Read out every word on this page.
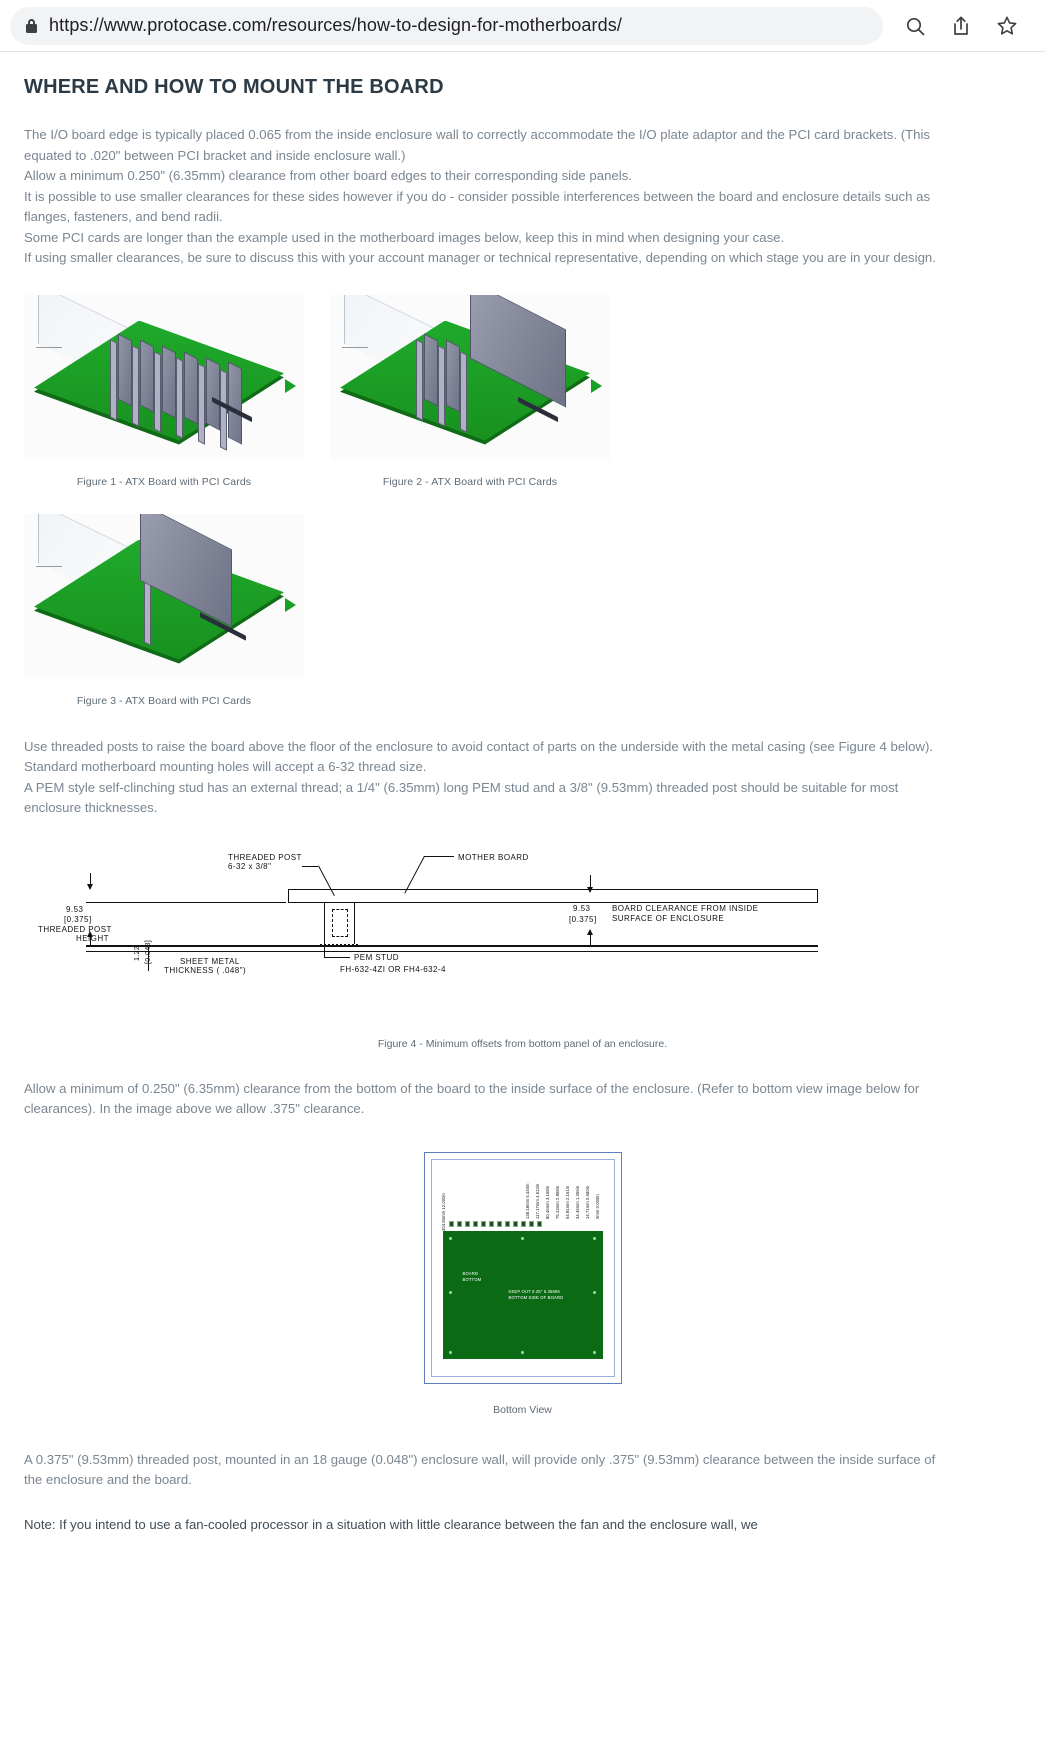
https://www.protocase.com/resources/how-to-design-for-motherboards/
WHERE AND HOW TO MOUNT THE BOARD

The I/O board edge is typically placed 0.065 from the inside enclosure wall to correctly accommodate the I/O plate adaptor and the PCI card brackets. (This equated to .020" between PCI bracket and inside enclosure wall.)

Allow a minimum 0.250" (6.35mm) clearance from other board edges to their corresponding side panels.

It is possible to use smaller clearances for these sides however if you do - consider possible interferences between the board and enclosure details such as flanges, fasteners, and bend radii.

Some PCI cards are longer than the example used in the motherboard images below, keep this in mind when designing your case.

If using smaller clearances, be sure to discuss this with your account manager or technical representative, depending on which stage you are in your design.

Figure 1 - ATX Board with PCI Cards	Figure 2 - ATX Board with PCI Cards
Figure 3 - ATX Board with PCI Cards

Use threaded posts to raise the board above the floor of the enclosure to avoid contact of parts on the underside with the metal casing (see Figure 4 below).

Standard motherboard mounting holes will accept a 6-32 thread size.

A PEM style self-clinching stud has an external thread; a 1/4" (6.35mm) long PEM stud and a 3/8" (9.53mm) threaded post should be suitable for most enclosure thicknesses.

THREADED POST
6-32 x 3/8"
MOTHER BOARD
9.53
[0.375]
THREADED POST
HEIGHT
1.22 [0.048]	SHEET METAL
THICKNESS ( .048")
PEM STUD
FH-632-4ZI OR FH4-632-4
9.53
[0.375]
BOARD CLEARANCE FROM INSIDE
SURFACE OF ENCLOSURE
Figure 4 - Minimum offsets from bottom panel of an enclosure.

Allow a minimum of 0.250" (6.35mm) clearance from the bottom of the board to the inside surface of the enclosure. (Refer to bottom view image below for clearances). In the image above we allow .375" clearance.

304.80mm 12.000in	138.18mm 5.440in 117.17mm 4.613in 80.46mm 3.168in 75.13mm 2.958in 54.91mm 2.161in 34.46mm 1.356in 14.71mm 0.580in 0mm 0.000in
BOARD
BOTTOM
KEEP OUT 0.25" 6.35MM
BOTTOM SIDE OF BOARD
Bottom View

A 0.375" (9.53mm) threaded post, mounted in an 18 gauge (0.048") enclosure wall, will provide only .375" (9.53mm) clearance between the inside surface of the enclosure and the board.

Note: If you intend to use a fan-cooled processor in a situation with little clearance between the fan and the enclosure wall, we
